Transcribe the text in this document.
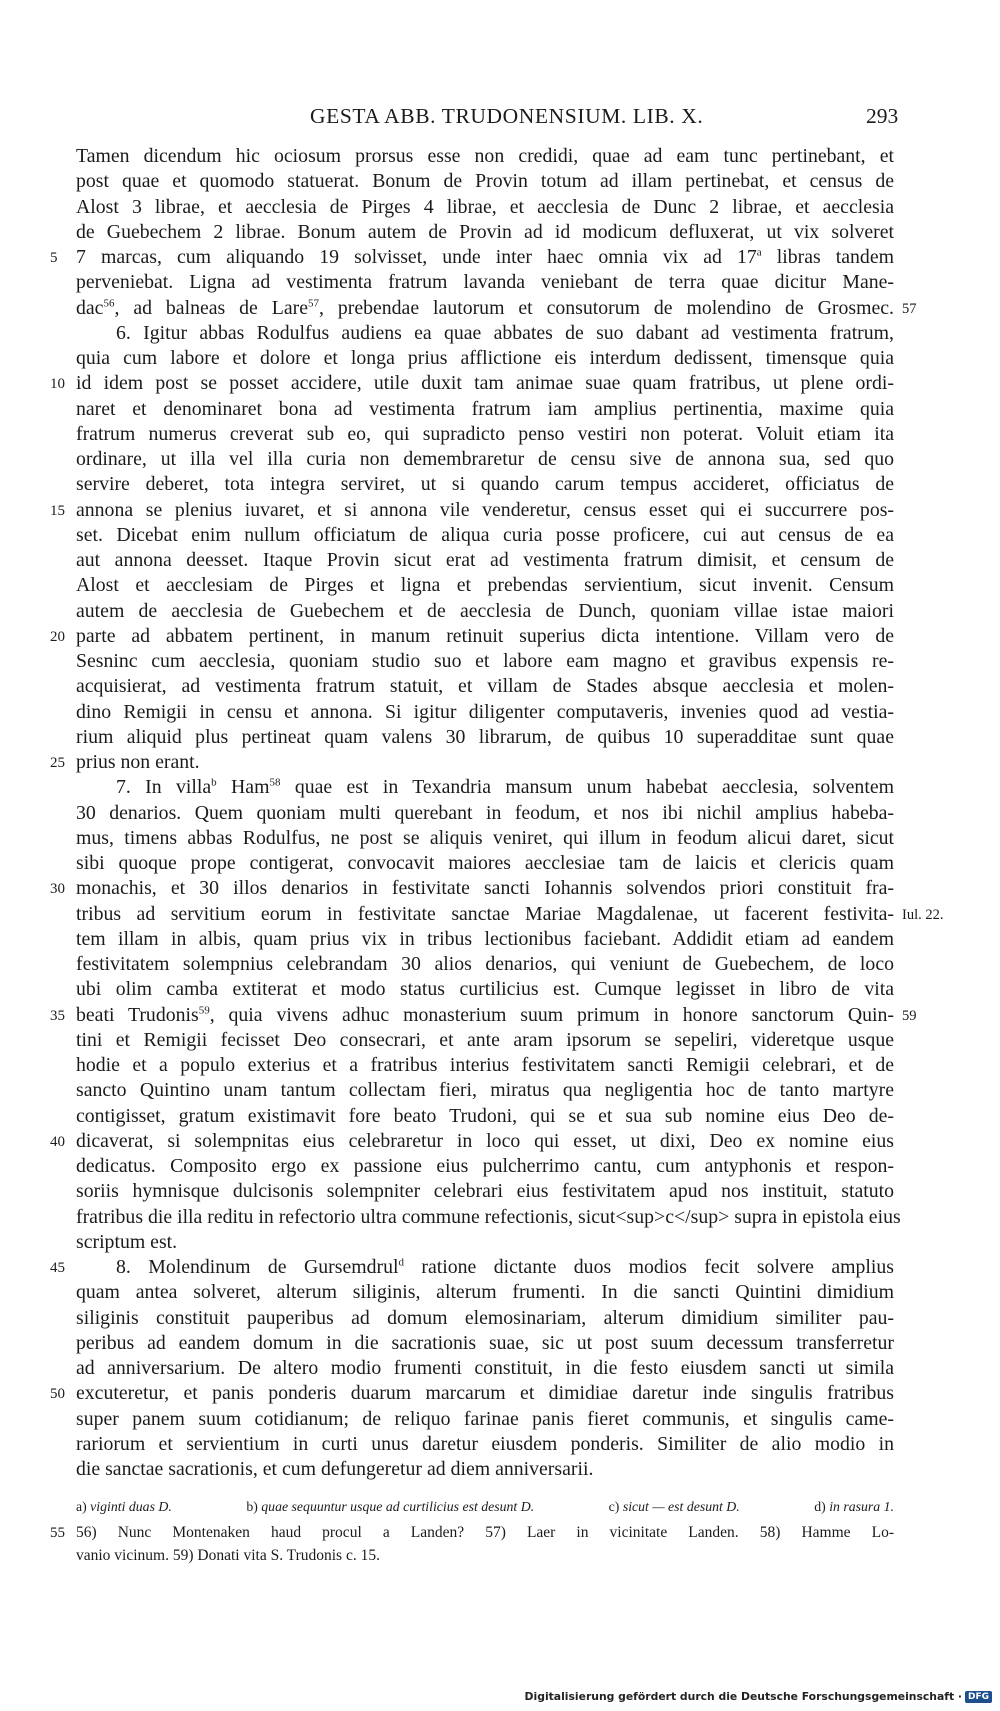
GESTA ABB. TRUDONENSIUM. LIB. X.	293
Tamen dicendum hic ociosum prorsus esse non credidi, quae ad eam tunc pertinebant, et
post quae et quomodo statuerat. Bonum de Provin totum ad illam pertinebat, et census de
Alost 3 librae, et aecclesia de Pirges 4 librae, et aecclesia de Dunc 2 librae, et aecclesia
de Guebechem 2 librae. Bonum autem de Provin ad id modicum defluxerat, ut vix solveret
5 7 marcas, cum aliquando 19 solvisset, unde inter haec omnia vix ad 17$^a$ libras tandem
perveniebat. Ligna ad vestimenta fratrum lavanda veniebant de terra quae dicitur Mane-
dac$^{56}$, ad balneas de Lare$^{57}$, prebendae lautorum et consutorum de molendino de Grosmec. 57
6. Igitur abbas Rodulfus audiens ea quae abbates de suo dabant ad vestimenta fratrum,
quia cum labore et dolore et longa prius afflictione eis interdum dedissent, timensque quia
10 id idem post se posset accidere, utile duxit tam animae suae quam fratribus, ut plene ordi-
naret et denominaret bona ad vestimenta fratrum iam amplius pertinentia, maxime quia
fratrum numerus creverat sub eo, qui supradicto penso vestiri non poterat. Voluit etiam ita
ordinare, ut illa vel illa curia non demembraretur de censu sive de annona sua, sed quo
servire deberet, tota integra serviret, ut si quando carum tempus accideret, officiatus de
15 annona se plenius iuvaret, et si annona vile venderetur, census esset qui ei succurrere pos-
set. Dicebat enim nullum officiatum de aliqua curia posse proficere, cui aut census de ea
aut annona deesset. Itaque Provin sicut erat ad vestimenta fratrum dimisit, et censum de
Alost et aecclesiam de Pirges et ligna et prebendas servientium, sicut invenit. Censum
autem de aecclesia de Guebechem et de aecclesia de Dunch, quoniam villae istae maiori
20 parte ad abbatem pertinent, in manum retinuit superius dicta intentione. Villam vero de
Sesninc cum aecclesia, quoniam studio suo et labore eam magno et gravibus expensis re-
acquisierat, ad vestimenta fratrum statuit, et villam de Stades absque aecclesia et molen-
dino Remigii in censu et annona. Si igitur diligenter computaveris, invenies quod ad vestia-
rium aliquid plus pertineat quam valens 30 librarum, de quibus 10 superadditae sunt quae
25 prius non erant.
7. In villa$^b$ Ham$^{58}$ quae est in Texandria mansum unum habebat aecclesia, solventem
30 denarios. Quem quoniam multi querebant in feodum, et nos ibi nichil amplius habeba-
mus, timens abbas Rodulfus, ne post se aliquis veniret, qui illum in feodum alicui daret, sicut
sibi quoque prope contigerat, convocavit maiores aecclesiae tam de laicis et clericis quam
30 monachis, et 30 illos denarios in festivitate sancti Iohannis solvendos priori constituit fra-
tribus ad servitium eorum in festivitate sanctae Mariae Magdalenae, ut facerent festivita- Iul. 22.
tem illam in albis, quam prius vix in tribus lectionibus faciebant. Addidit etiam ad eandem
festivitatem solempnius celebrandam 30 alios denarios, qui veniunt de Guebechem, de loco
ubi olim camba extiterat et modo status curtilicius est. Cumque legisset in libro de vita
35 beati Trudonis$^{59}$, quia vivens adhuc monasterium suum primum in honore sanctorum Quin- 59
tini et Remigii fecisset Deo consecrari, et ante aram ipsorum se sepeliri, videretque usque
hodie et a populo exterius et a fratribus interius festivitatem sancti Remigii celebrari, et de
sancto Quintino unam tantum collectam fieri, miratus qua negligentia hoc de tanto martyre
contigisset, gratum existimavit fore beato Trudoni, qui se et sua sub nomine eius Deo de-
40 dicaverat, si solempnitas eius celebraretur in loco qui esset, ut dixi, Deo ex nomine eius
dedicatus. Composito ergo ex passione eius pulcherrimo cantu, cum antyphonis et respon-
soriis hymnisque dulcisonis solempniter celebrari eius festivitatem apud nos instituit, statuto
fratribus die illa reditu in refectorio ultra commune refectionis, sicut<sup>c</sup> supra in epistola eius
scriptum est.
45	8. Molendinum de Gursemdrul$^d$ ratione dictante duos modios fecit solvere amplius
quam antea solveret, alterum siliginis, alterum frumenti. In die sancti Quintini dimidium
siliginis constituit pauperibus ad domum elemosinariam, alterum dimidium similiter pau-
peribus ad eandem domum in die sacrationis suae, sic ut post suum decessum transferretur
ad anniversarium. De altero modio frumenti constituit, in die festo eiusdem sancti ut simila
50 excuteretur, et panis ponderis duarum marcarum et dimidiae daretur inde singulis fratribus
super panem suum cotidianum; de reliquo farinae panis fieret communis, et singulis came-
rariorum et servientium in curti unus daretur eiusdem ponderis. Similiter de alio modio in
die sanctae sacrationis, et cum defungeretur ad diem anniversarii.
a) viginti duas D.	b) quae sequuntur usque ad curtilicius est desunt D.	c) sicut — est desunt D.	d) in rasura 1.
55 56) Nunc Montenaken haud procul a Landen? 57) Laer in vicinitate Landen. 58) Hamme Lo-
vanio vicinum. 59) Donati vita S. Trudonis c. 15.
Digitalisierung gefördert durch die Deutsche Forschungsgemeinschaft · DFG
